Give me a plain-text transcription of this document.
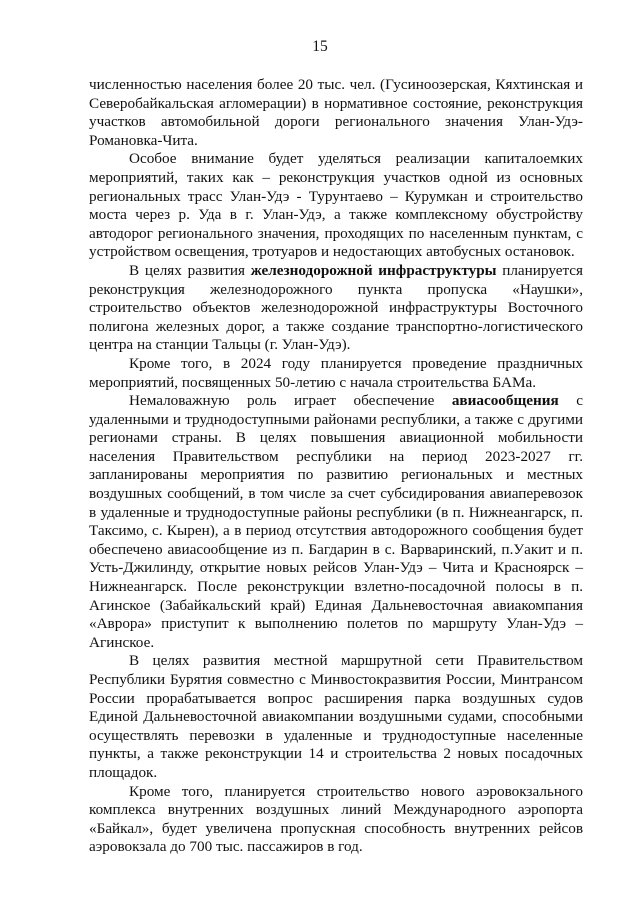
15

численностью населения более 20 тыс. чел. (Гусиноозерская, Кяхтинская и Северобайкальская агломерации) в нормативное состояние, реконструкция участков автомобильной дороги регионального значения Улан-Удэ-Романовка-Чита.

Особое внимание будет уделяться реализации капиталоемких мероприятий, таких как – реконструкция участков одной из основных региональных трасс Улан-Удэ - Турунтаево – Курумкан и строительство моста через р. Уда в г. Улан-Удэ, а также комплексному обустройству автодорог регионального значения, проходящих по населенным пунктам, с устройством освещения, тротуаров и недостающих автобусных остановок.

В целях развития железнодорожной инфраструктуры планируется реконструкция железнодорожного пункта пропуска «Наушки», строительство объектов железнодорожной инфраструктуры Восточного полигона железных дорог, а также создание транспортно-логистического центра на станции Тальцы (г. Улан-Удэ).

Кроме того, в 2024 году планируется проведение праздничных мероприятий, посвященных 50-летию с начала строительства БАМа.

Немаловажную роль играет обеспечение авиасообщения с удаленными и труднодоступными районами республики, а также с другими регионами страны. В целях повышения авиационной мобильности населения Правительством республики на период 2023-2027 гг. запланированы мероприятия по развитию региональных и местных воздушных сообщений, в том числе за счет субсидирования авиаперевозок в удаленные и труднодоступные районы республики (в п. Нижнеангарск, п. Таксимо, с. Кырен), а в период отсутствия автодорожного сообщения будет обеспечено авиасообщение из п. Багдарин в с. Варваринский, п.Уакит и п. Усть-Джилинду, открытие новых рейсов Улан-Удэ – Чита и Красноярск – Нижнеангарск. После реконструкции взлетно-посадочной полосы в п. Агинское (Забайкальский край) Единая Дальневосточная авиакомпания «Аврора» приступит к выполнению полетов по маршруту Улан-Удэ – Агинское.

В целях развития местной маршрутной сети Правительством Республики Бурятия совместно с Минвостокразвития России, Минтрансом России прорабатывается вопрос расширения парка воздушных судов Единой Дальневосточной авиакомпании воздушными судами, способными осуществлять перевозки в удаленные и труднодоступные населенные пункты, а также реконструкции 14 и строительства 2 новых посадочных площадок.

Кроме того, планируется строительство нового аэровокзального комплекса внутренних воздушных линий Международного аэропорта «Байкал», будет увеличена пропускная способность внутренних рейсов аэровокзала до 700 тыс. пассажиров в год.
